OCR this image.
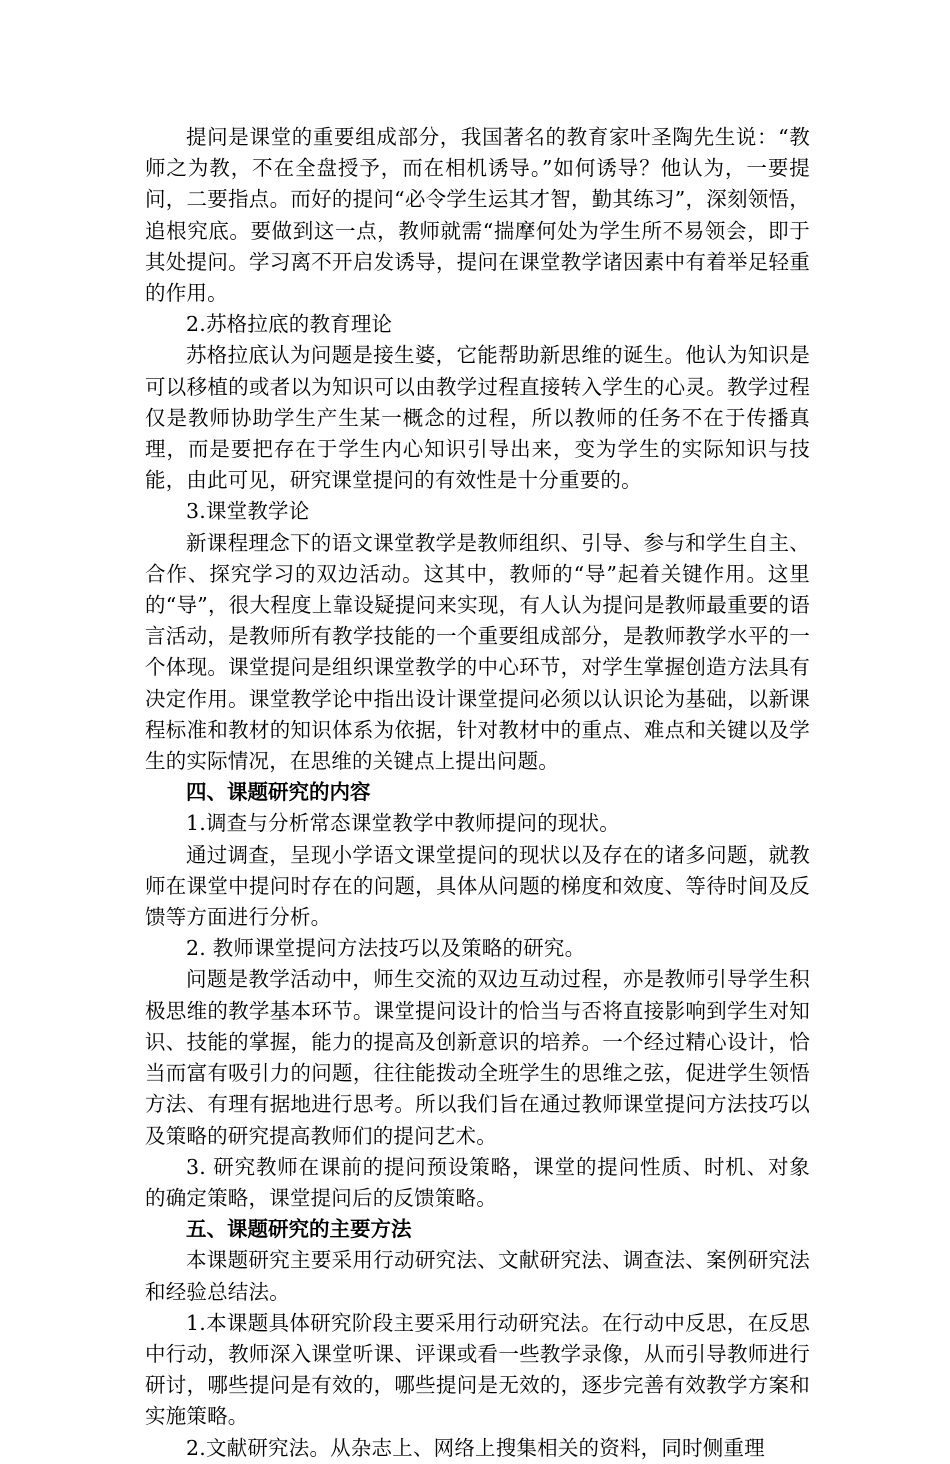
提问是课堂的重要组成部分，我国著名的教育家叶圣陶先生说：“教师之为教，不在全盘授予，而在相机诱导。”如何诱导？他认为，一要提问，二要指点。而好的提问“必令学生运其才智，勤其练习”，深刻领悟，追根究底。要做到这一点，教师就需“揣摩何处为学生所不易领会，即于其处提问。学习离不开启发诱导，提问在课堂教学诸因素中有着举足轻重的作用。

2.苏格拉底的教育理论

苏格拉底认为问题是接生婆，它能帮助新思维的诞生。他认为知识是可以移植的或者以为知识可以由教学过程直接转入学生的心灵。教学过程仅是教师协助学生产生某一概念的过程，所以教师的任务不在于传播真理，而是要把存在于学生内心知识引导出来，变为学生的实际知识与技能，由此可见，研究课堂提问的有效性是十分重要的。

3.课堂教学论

新课程理念下的语文课堂教学是教师组织、引导、参与和学生自主、合作、探究学习的双边活动。这其中，教师的“导”起着关键作用。这里的“导”，很大程度上靠设疑提问来实现，有人认为提问是教师最重要的语言活动，是教师所有教学技能的一个重要组成部分，是教师教学水平的一个体现。课堂提问是组织课堂教学的中心环节，对学生掌握创造方法具有决定作用。课堂教学论中指出设计课堂提问必须以认识论为基础，以新课程标准和教材的知识体系为依据，针对教材中的重点、难点和关键以及学生的实际情况，在思维的关键点上提出问题。

四、课题研究的内容

1.调查与分析常态课堂教学中教师提问的现状。

通过调查，呈现小学语文课堂提问的现状以及存在的诸多问题，就教师在课堂中提问时存在的问题，具体从问题的梯度和效度、等待时间及反馈等方面进行分析。

2. 教师课堂提问方法技巧以及策略的研究。

问题是教学活动中，师生交流的双边互动过程，亦是教师引导学生积极思维的教学基本环节。课堂提问设计的恰当与否将直接影响到学生对知识、技能的掌握，能力的提高及创新意识的培养。一个经过精心设计，恰当而富有吸引力的问题，往往能拨动全班学生的思维之弦，促进学生领悟方法、有理有据地进行思考。所以我们旨在通过教师课堂提问方法技巧以及策略的研究提高教师们的提问艺术。

3. 研究教师在课前的提问预设策略，课堂的提问性质、时机、对象的确定策略，课堂提问后的反馈策略。

五、课题研究的主要方法

本课题研究主要采用行动研究法、文献研究法、调查法、案例研究法和经验总结法。

1.本课题具体研究阶段主要采用行动研究法。在行动中反思，在反思中行动，教师深入课堂听课、评课或看一些教学录像，从而引导教师进行研讨，哪些提问是有效的，哪些提问是无效的，逐步完善有效教学方案和实施策略。

2.文献研究法。从杂志上、网络上搜集相关的资料，同时侧重理
